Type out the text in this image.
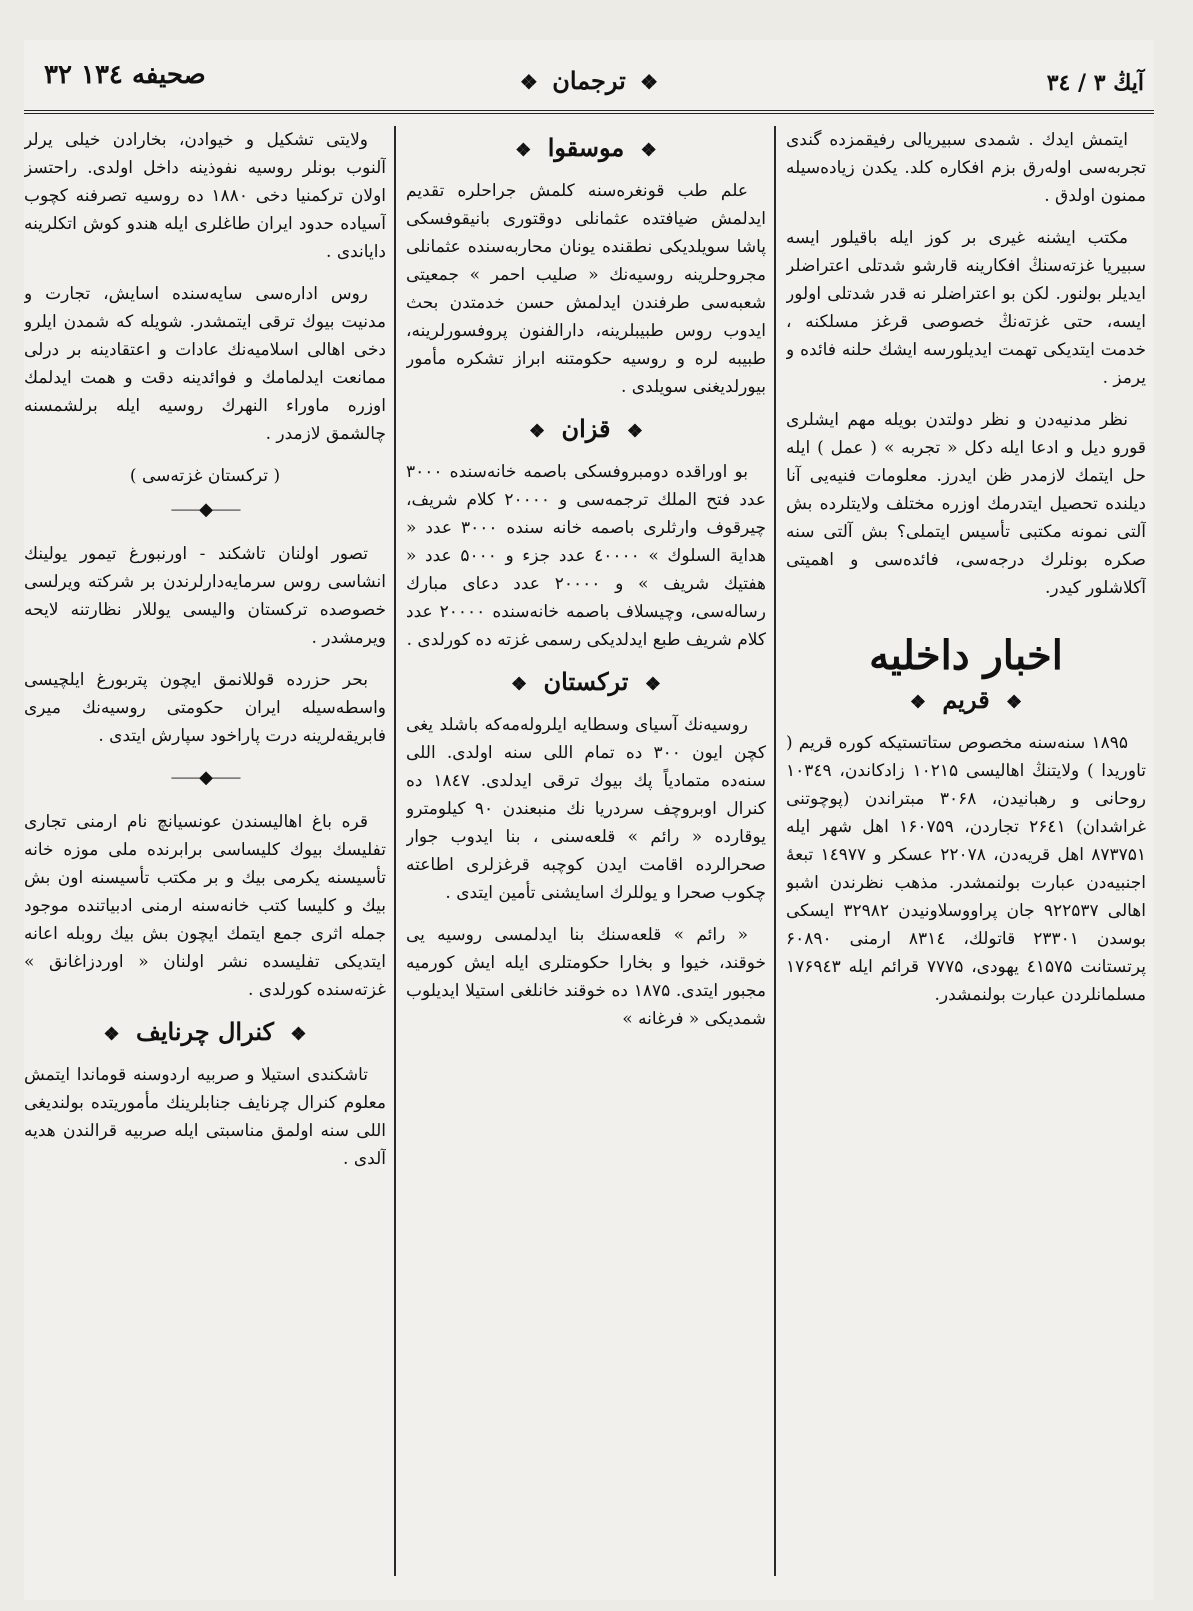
آیڭ ۳ / ۳٤
❖ ترجمان ❖
صحیفه ۱۳٤ ۳۲

ایتمش ایدك . شمدی سبیریالی رفیقمزده گندی تجربەسی اولەرق بزم افکاره کلد. یکدن زیادەسیله ممنون اولدق .

مکتب ایشنه غیری بر کوز ایله باقیلور ایسه سبیریا غزتەسنڭ افکارینه قارشو شدتلی اعتراضلر ایدیلر بولنور. لکن بو اعتراضلر نه قدر شدتلی اولور ایسه، حتی غزتەنڭ خصوصی قرغز مسلکنه ، خدمت ایتدیکی تهمت ایدیلورسه ایشك حلنه فائده و یرمز .

نظر مدنیەدن و نظر دولتدن بویله مهم ایشلری قورو دیل و ادعا ایله دکل « تجربه » ( عمل ) ایله حل ایتمك لازمدر ظن ایدرز. معلومات فنیەیی آنا دیلنده تحصیل ایتدرمك اوزره مختلف ولایتلرده بش آلتی نمونه مکتبی تأسیس ایتملی؟ بش آلتی سنه صکره بونلرك درجەسی، فائدەسی و اهمیتی آکلاشلور کیدر.

اخبار داخلیه
❖ قریم ❖

۱۸۹۵ سنەسنه مخصوص ستاتستیکه کوره قریم ( تاوریدا ) ولایتنڭ اهالیسی ۱۰۲۱۵ زادکاندن، ۱۰۳٤۹ روحانی و رهبانیدن، ۳۰۶۸ مبتراندن (پوچوتنی غراشدان) ۲۶٤۱ تجاردن، ۱۶۰۷۵۹ اهل شهر ایله ۸۷۳۷۵۱ اهل قریەدن، ۲۲۰۷۸ عسکر و ۱٤۹۷۷ تبعۀ اجنبیەدن عبارت بولنمشدر. مذهب نظرندن اشبو اهالی ۹۲۲۵۳۷ جان پراووسلاونیدن ۳۲۹۸۲ ایسکی بوسدن ۲۳۳۰۱ قاتولك، ۸۳۱٤ ارمنی ۶۰۸۹۰ پرتستانت ٤۱۵۷۵ یهودی، ۷۷۷۵ قرائم ایله ۱۷۶۹٤۳ مسلمانلردن عبارت بولنمشدر.

❖ موسقوا ❖

علم طب قونغرەسنه کلمش جراحلره تقدیم ایدلمش ضیافتده عثمانلی دوقتوری بانیقوفسکی پاشا سویلدیکی نطقنده یونان محاربەسنده عثمانلی مجروحلرینه روسیەنك « صلیب احمر » جمعیتی شعبەسی طرفندن ایدلمش حسن خدمتدن بحث ایدوب روس طبیبلرینه، دارالفنون پروفسورلرینه، طبیبه لره و روسیه حکومتنه ابراز تشکره مأمور بیورلدیغنی سویلدی .

❖ قزان ❖

بو اوراقده دومبروفسکی باصمه خانەسنده ۳۰۰۰ عدد فتح الملك ترجمەسی و ۲۰۰۰۰ کلام شریف، چیرقوف وارثلری باصمه خانه سنده ۳۰۰۰ عدد « هدایة السلوك » ٤۰۰۰۰ عدد جزء و ۵۰۰۰ عدد « هفتیك شریف » و ۲۰۰۰۰ عدد دعای مبارك رسالەسی، وچیسلاف باصمه خانەسنده ۲۰۰۰۰ عدد کلام شریف طبع ایدلدیکی رسمی غزته ده کورلدی .

❖ ترکستان ❖

روسیەنك آسیای وسطایه ایلرولەمەکه باشلد یغی کچن ایون ۳۰۰ ده تمام اللی سنه اولدی. اللی سنەده متمادیاً پك بیوك ترقی ایدلدی. ۱۸٤۷ ده کنرال اوبروچف سردریا نك منبعندن ۹۰ کیلومترو یوقارده « رائم » قلعەسنی ، بنا ایدوب جوار صحرالرده اقامت ایدن کوچبه قرغزلری اطاعته چکوب صحرا و یوللرك اسایشنی تأمین ایتدی .

« رائم » قلعەسنك بنا ایدلمسی روسیه یی خوقند، خیوا و بخارا حکومتلری ایله ایش کورمیه مجبور ایتدی. ۱۸۷۵ ده خوقند خانلغی استیلا ایدیلوب شمدیکی « فرغانه »

ولایتی تشکیل و خیوادن، بخارادن خیلی یرلر آلنوب بونلر روسیه نفوذینه داخل اولدی. راحتسز اولان ترکمنیا دخی ۱۸۸۰ ده روسیه تصرفنه کچوب آسیاده حدود ایران طاغلری ایله هندو کوش اتکلرینه دایاندی .

روس ادارەسی سایەسنده اسایش، تجارت و مدنیت بیوك ترقی ایتمشدر. شویله که شمدن ایلرو دخی اهالی اسلامیەنك عادات و اعتقادینه بر درلی ممانعت ایدلمامك و فوائدینه دقت و همت ایدلمك اوزره ماوراء النهرك روسیه ایله برلشمسنه چالشمق لازمدر .

( ترکستان غزتەسی )
⸺◆⸺

تصور اولنان تاشکند - اورنبورغ تیمور یولینك انشاسی روس سرمایەدارلرندن بر شرکته ویرلسی خصوصده ترکستان والیسی یوللار نظارتنه لایحه ویرمشدر .

بحر حزرده قوللانمق ایچون پتربورغ ایلچیسی واسطەسیله ایران حکومتی روسیەنك میری فابریقەلرینه درت پاراخود سپارش ایتدی .

⸺◆⸺

قره باغ اهالیسندن عونسیانچ نام ارمنی تجاری تفلیسك بیوك کلیساسی برابرنده ملی موزه خانه تأسیسنه یکرمی بیك و بر مکتب تأسیسنه اون بش بیك و کلیسا کتب خانەسنه ارمنی ادبیاتنده موجود جمله اثری جمع ایتمك ایچون بش بیك روبله اعانه ایتدیکی تفلیسده نشر اولنان « اوردزاغانق » غزتەسنده کورلدی .

❖ کنرال چرنایف ❖

تاشکندی استیلا و صربیه اردوسنه قوماندا ایتمش معلوم کنرال چرنایف جنابلرینك مأموریتده بولندیغی اللی سنه اولمق مناسبتی ایله صربیه قرالندن هدیه آلدی .
